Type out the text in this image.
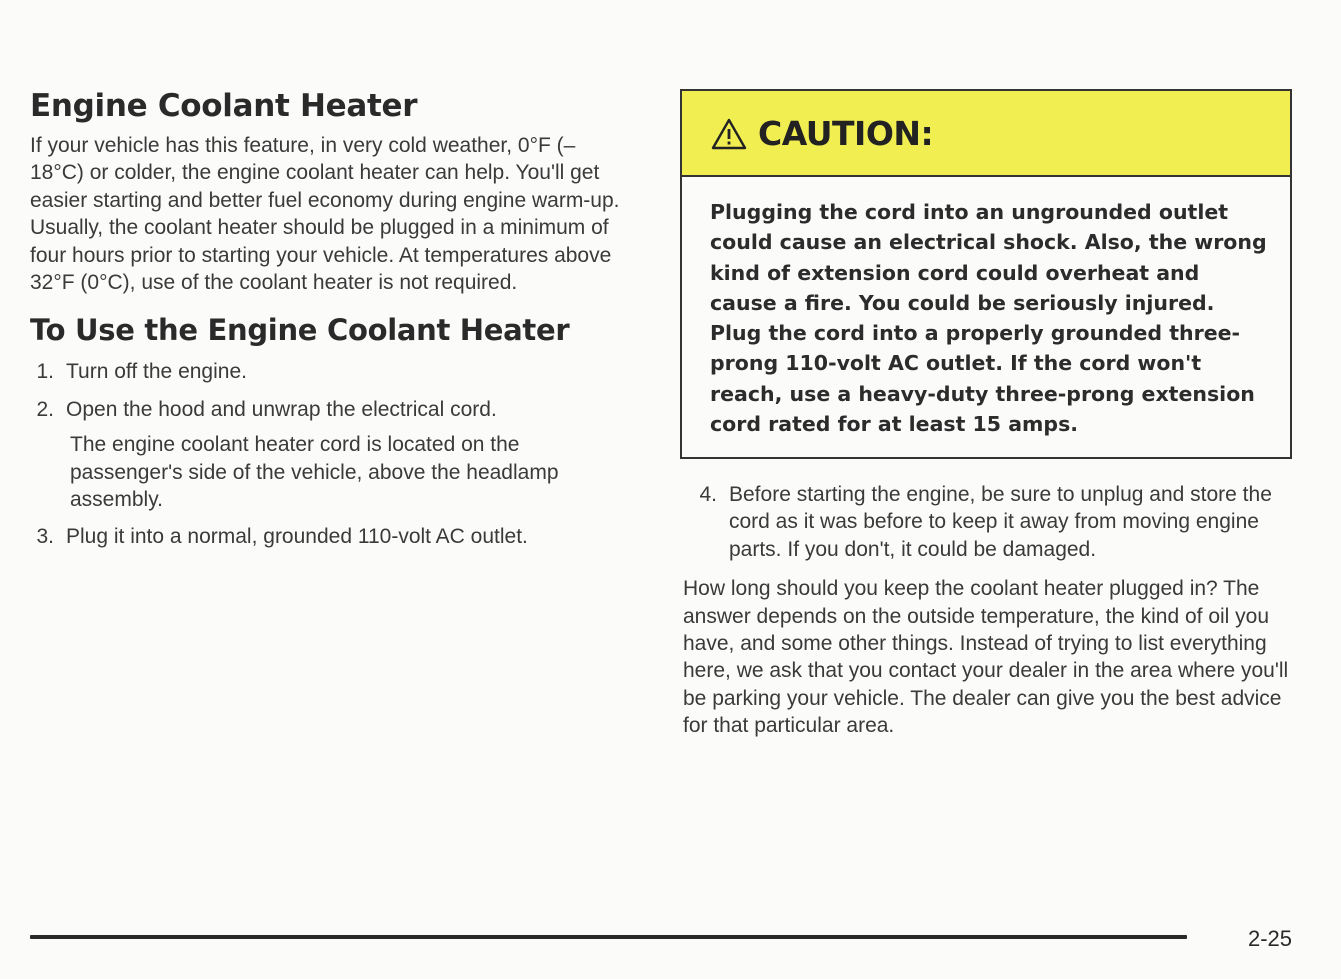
Engine Coolant Heater

If your vehicle has this feature, in very cold weather, 0°F (–18°C) or colder, the engine coolant heater can help. You'll get easier starting and better fuel economy during engine warm-up. Usually, the coolant heater should be plugged in a minimum of four hours prior to starting your vehicle. At temperatures above 32°F (0°C), use of the coolant heater is not required.

To Use the Engine Coolant Heater
1. Turn off the engine.
2. Open the hood and unwrap the electrical cord.
The engine coolant heater cord is located on the passenger's side of the vehicle, above the headlamp assembly.
3. Plug it into a normal, grounded 110-volt AC outlet.
CAUTION:

Plugging the cord into an ungrounded outlet could cause an electrical shock. Also, the wrong kind of extension cord could overheat and cause a fire. You could be seriously injured. Plug the cord into a properly grounded three-prong 110-volt AC outlet. If the cord won't reach, use a heavy-duty three-prong extension cord rated for at least 15 amps.

4. Before starting the engine, be sure to unplug and store the cord as it was before to keep it away from moving engine parts. If you don't, it could be damaged.

How long should you keep the coolant heater plugged in? The answer depends on the outside temperature, the kind of oil you have, and some other things. Instead of trying to list everything here, we ask that you contact your dealer in the area where you'll be parking your vehicle. The dealer can give you the best advice for that particular area.

2-25
